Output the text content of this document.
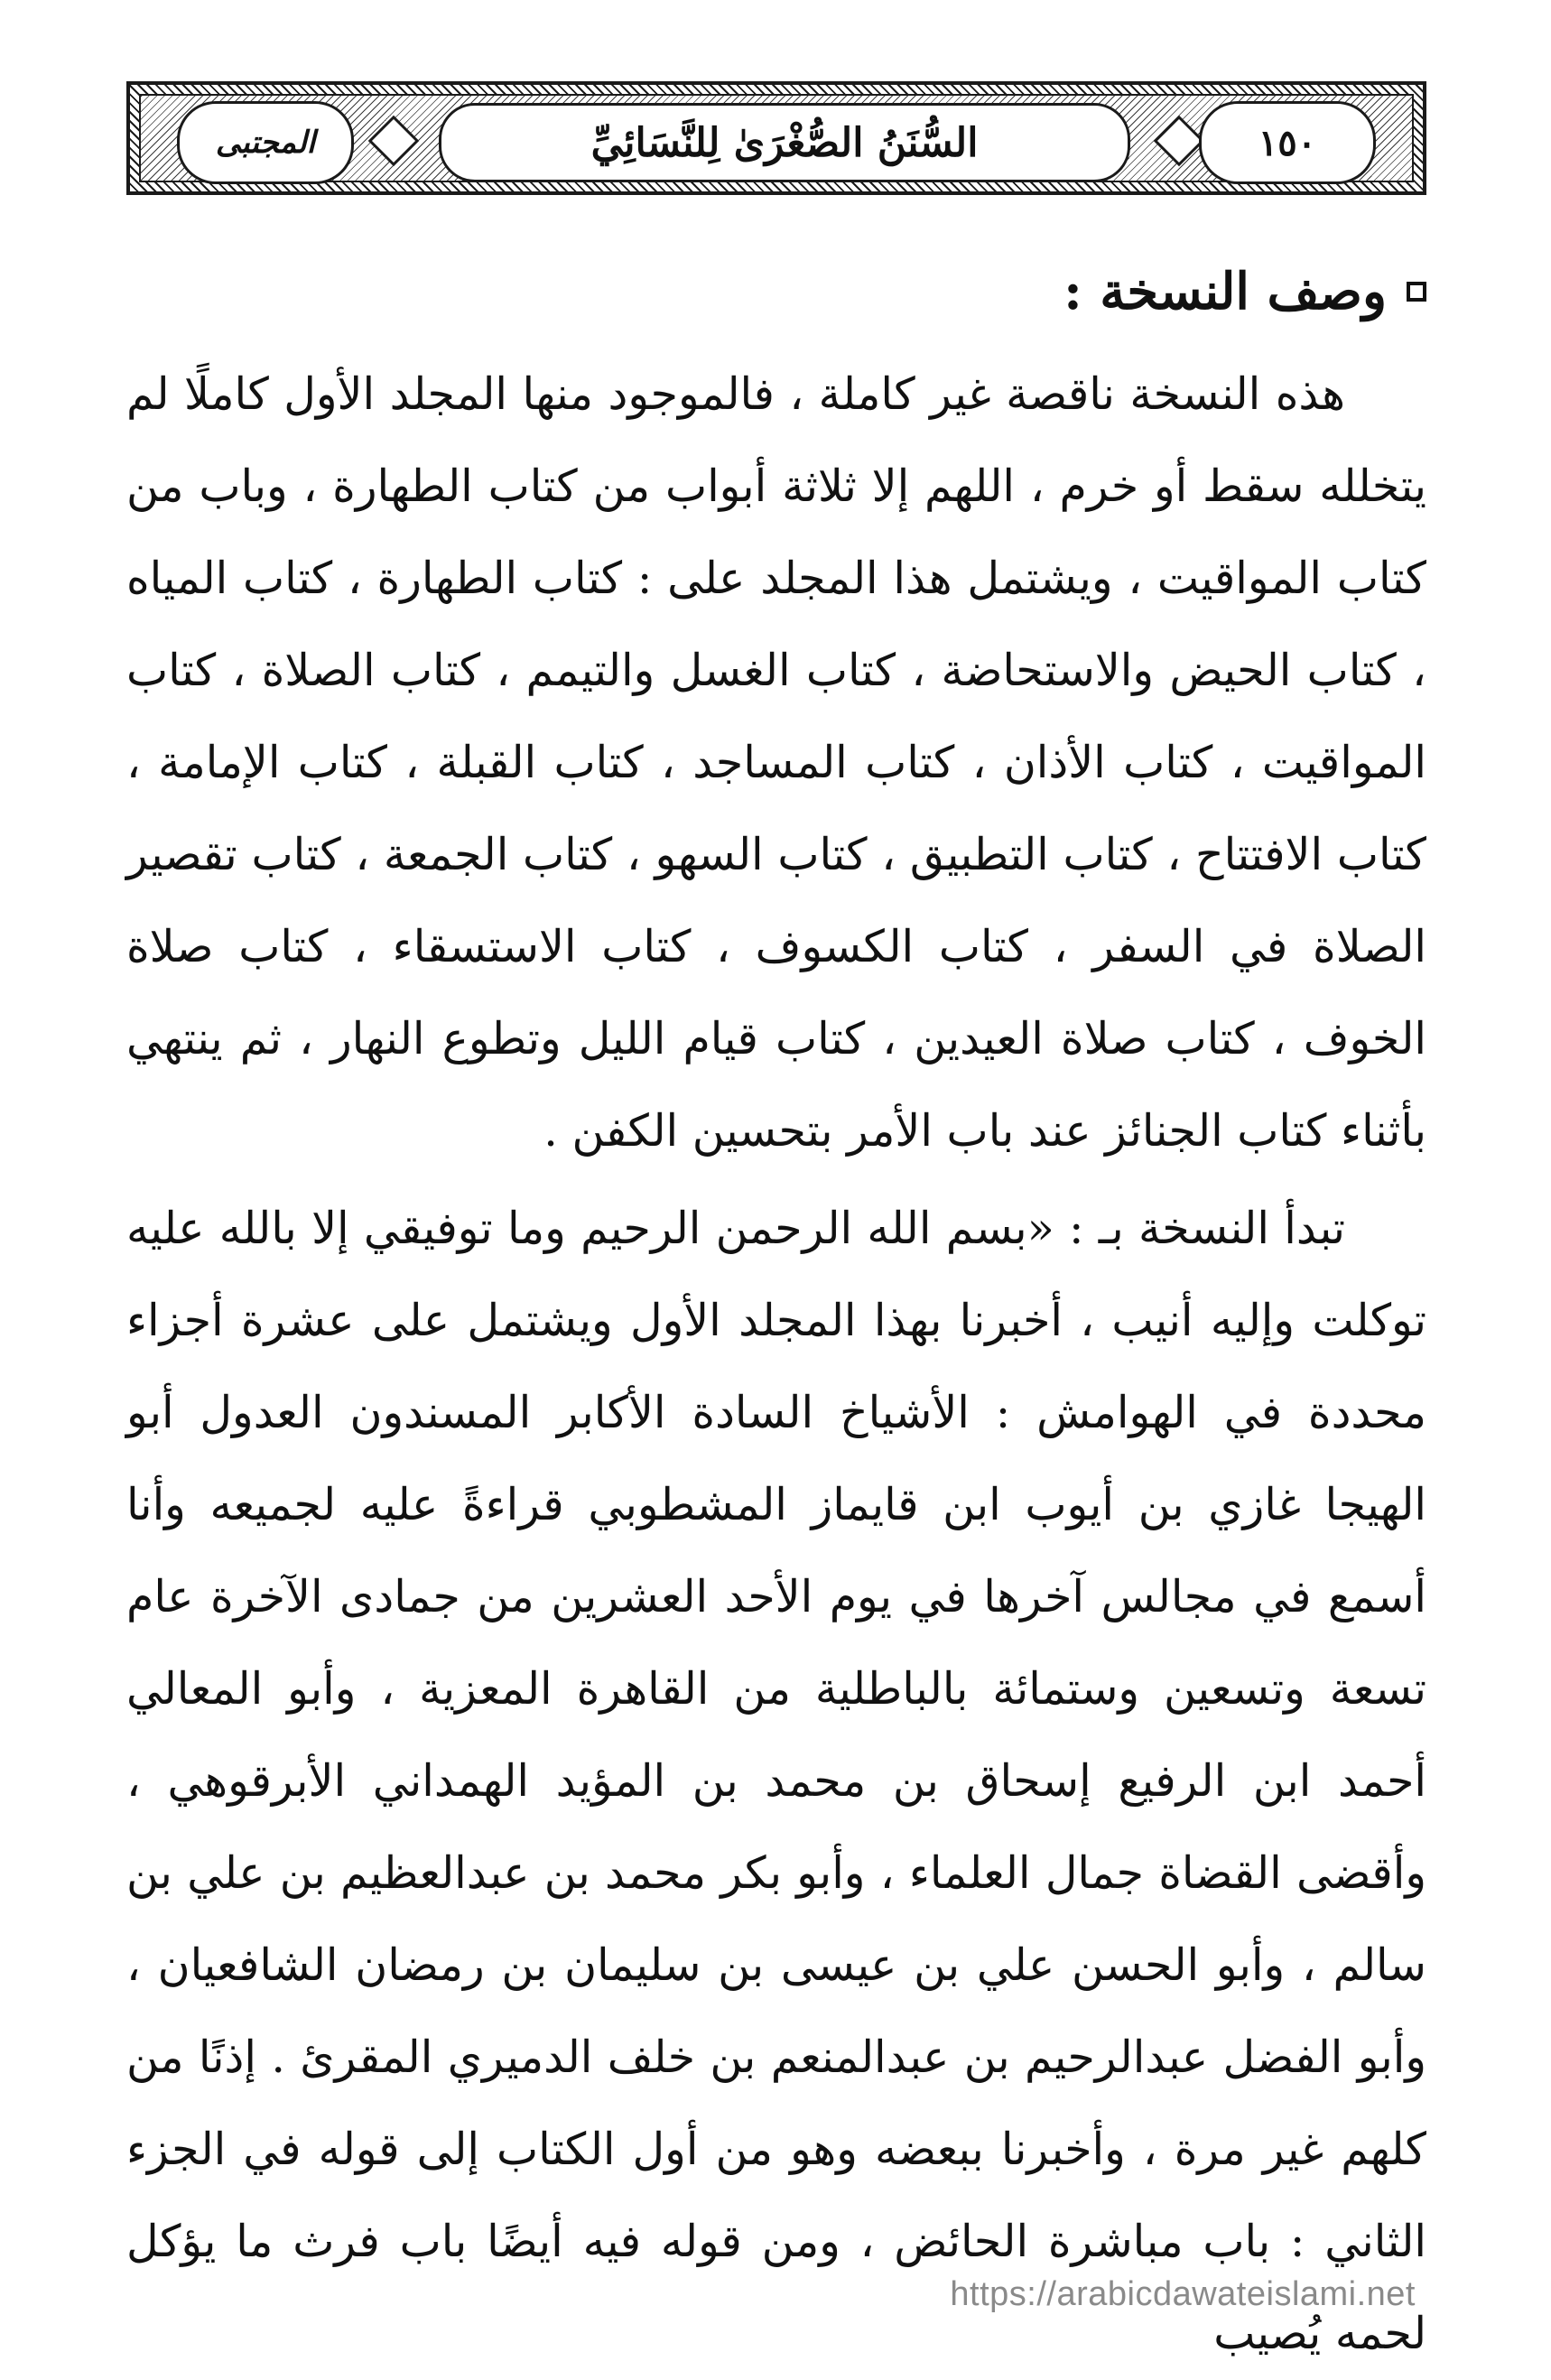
المجتبى	السُّنَنُ الصُّغْرَىٰ لِلنَّسَائِيِّ	١٥٠
وصف النسخة :

هذه النسخة ناقصة غير كاملة ، فالموجود منها المجلد الأول كاملًا لم يتخلله سقط أو خرم ، اللهم إلا ثلاثة أبواب من كتاب الطهارة ، وباب من كتاب المواقيت ، ويشتمل هذا المجلد على : كتاب الطهارة ، كتاب المياه ، كتاب الحيض والاستحاضة ، كتاب الغسل والتيمم ، كتاب الصلاة ، كتاب المواقيت ، كتاب الأذان ، كتاب المساجد ، كتاب القبلة ، كتاب الإمامة ، كتاب الافتتاح ، كتاب التطبيق ، كتاب السهو ، كتاب الجمعة ، كتاب تقصير الصلاة في السفر ، كتاب الكسوف ، كتاب الاستسقاء ، كتاب صلاة الخوف ، كتاب صلاة العيدين ، كتاب قيام الليل وتطوع النهار ، ثم ينتهي بأثناء كتاب الجنائز عند باب الأمر بتحسين الكفن .

تبدأ النسخة بـ : «بسم الله الرحمن الرحيم وما توفيقي إلا بالله عليه توكلت وإليه أنيب ، أخبرنا بهذا المجلد الأول ويشتمل على عشرة أجزاء محددة في الهوامش : الأشياخ السادة الأكابر المسندون العدول أبو الهيجا غازي بن أيوب ابن قايماز المشطوبي قراءةً عليه لجميعه وأنا أسمع في مجالس آخرها في يوم الأحد العشرين من جمادى الآخرة عام تسعة وتسعين وستمائة بالباطلية من القاهرة المعزية ، وأبو المعالي أحمد ابن الرفيع إسحاق بن محمد بن المؤيد الهمداني الأبرقوهي ، وأقضى القضاة جمال العلماء ، وأبو بكر محمد بن عبدالعظيم بن علي بن سالم ، وأبو الحسن علي بن عيسى بن سليمان بن رمضان الشافعيان ، وأبو الفضل عبدالرحيم بن عبدالمنعم بن خلف الدميري المقرئ . إذنًا من كلهم غير مرة ، وأخبرنا ببعضه وهو من أول الكتاب إلى قوله في الجزء الثاني : باب مباشرة الحائض ، ومن قوله فيه أيضًا باب فرث ما يؤكل لحمه يُصيب

https://arabicdawateislami.net
